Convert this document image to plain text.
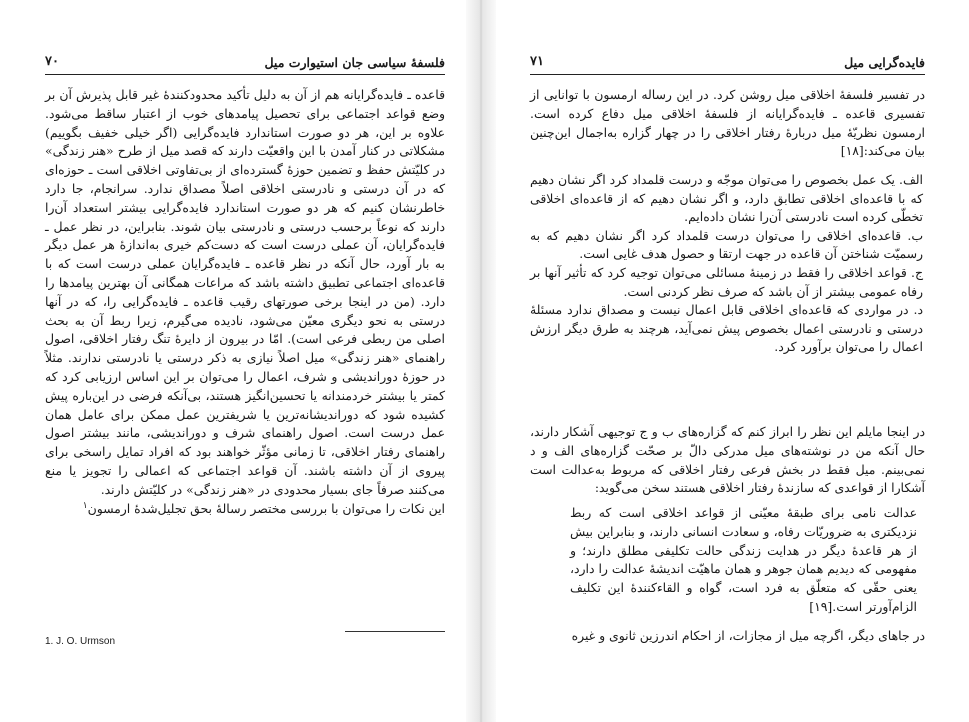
فلسفهٔ سیاسی جان استیوارت میل
۷۰

قاعده ـ فایده‌گرایانه هم از آن به دلیل تأکید محدودکنندهٔ غیر قابل پذیرش آن بر وضع قواعد اجتماعی برای تحصیل پیامدهای خوب از اعتبار ساقط می‌شود. علاوه بر این، هر دو صورت استاندارد فایده‌گرایی (اگر خیلی خفیف بگوییم) مشکلاتی در کنار آمدن با این واقعیّت دارند که قصد میل از طرح «هنر زندگی» در کلیّتش حفظ و تضمین حوزهٔ گسترده‌ای از بی‌تفاوتی اخلاقی است ـ حوزه‌ای که در آن درستی و نادرستی اخلاقی اصلاً مصداق ندارد. سرانجام، جا دارد خاطرنشان کنیم که هر دو صورت استاندارد فایده‌گرایی بیشتر استعداد آن‌را دارند که نوعاً برحسب درستی و نادرستی بیان شوند. بنابراین، در نظر عمل ـ فایده‌گرایان، آن عملی درست است که دست‌کم خیری به‌اندازهٔ هر عمل دیگر به بار آورد، حال آنکه در نظر قاعده ـ فایده‌گرایان عملی درست است که با قاعده‌ای اجتماعی تطبیق داشته باشد که مراعات همگانی آن بهترین پیامدها را دارد. (من در اینجا برخی صورتهای رقیب قاعده ـ فایده‌گرایی را، که در آنها درستی به نحو دیگری معیّن می‌شود، نادیده می‌گیرم، زیرا ربط آن به بحث اصلی من ربطی فرعی است). امّا در بیرون از دایرهٔ تنگ رفتار اخلاقی، اصول راهنمای «هنر زندگی» میل اصلاً نیازی به ذکر درستی یا نادرستی ندارند. مثلاً در حوزهٔ دوراندیشی و شرف، اعمال را می‌توان بر این اساس ارزیابی کرد که کمتر یا بیشتر خردمندانه یا تحسین‌انگیز هستند، بی‌آنکه فرضی در این‌باره پیش کشیده شود که دوراندیشانه‌ترین یا شریفترین عمل ممکن برای عامل همان عمل درست است. اصول راهنمای شرف و دوراندیشی، مانند بیشتر اصول راهنمای رفتار اخلاقی، تا زمانی مؤثّر خواهند بود که افراد تمایل راسخی برای پیروی از آن داشته باشند. آن قواعد اجتماعی که اعمالی را تجویز یا منع می‌کنند صرفاً جای بسیار محدودی در «هنر زندگی» در کلیّتش دارند.

این نکات را می‌توان با بررسی مختصر رسالهٔ بحق تجلیل‌شدهٔ ارمسون$^۱$

1. J. O. Urmson
فایده‌گرایی میل
۷۱

در تفسیر فلسفهٔ اخلاقی میل روشن کرد. در این رساله ارمسون با توانایی از تفسیری قاعده ـ فایده‌گرایانه از فلسفهٔ اخلاقی میل دفاع کرده است. ارمسون نظریّهٔ میل دربارهٔ رفتار اخلاقی را در چهار گزاره به‌اجمال این‌چنین بیان می‌کند:[۱۸]

الف. یک عمل بخصوص را می‌توان موجّه و درست قلمداد کرد اگر نشان دهیم که با قاعده‌ای اخلاقی تطابق دارد، و اگر نشان دهیم که از قاعده‌ای اخلاقی تخطّی کرده است نادرستی آن‌را نشان داده‌ایم.

ب. قاعده‌ای اخلاقی را می‌توان درست قلمداد کرد اگر نشان دهیم که به رسمیّت شناختن آن قاعده در جهت ارتقا و حصول هدف غایی است.

ج. قواعد اخلاقی را فقط در زمینهٔ مسائلی می‌توان توجیه کرد که تأثیر آنها بر رفاه عمومی بیشتر از آن باشد که صرف نظر کردنی است.

د. در مواردی که قاعده‌ای اخلاقی قابل اعمال نیست و مصداق ندارد مسئلهٔ درستی و نادرستی اعمال بخصوص پیش نمی‌آید، هرچند به طرق دیگر ارزش اعمال را می‌توان برآورد کرد.

در اینجا مایلم این نظر را ابراز کنم که گزاره‌های ب و ج توجیهی آشکار دارند، حال آنکه من در نوشته‌های میل مدرکی دالّ بر صحّت گزاره‌های الف و د نمی‌بینم. میل فقط در بخش فرعی رفتار اخلاقی که مربوط به‌عدالت است آشکارا از قواعدی که سازندهٔ رفتار اخلاقی هستند سخن می‌گوید:

عدالت نامی برای طبقهٔ معیّنی از قواعد اخلاقی است که ربط نزدیکتری به ضروریّات رفاه، و سعادت انسانی دارند، و بنابراین بیش از هر قاعدهٔ دیگر در هدایت زندگی حالت تکلیفی مطلق دارند؛ و مفهومی که دیدیم همان جوهر و همان ماهیّت اندیشهٔ عدالت را دارد، یعنی حقّی که متعلّق به فرد است، گواه و القاءکنندهٔ این تکلیف الزام‌آورتر است.[۱۹]

در جاهای دیگر، اگرچه میل از مجازات، از احکام اندرزین ثانوی و غیره
